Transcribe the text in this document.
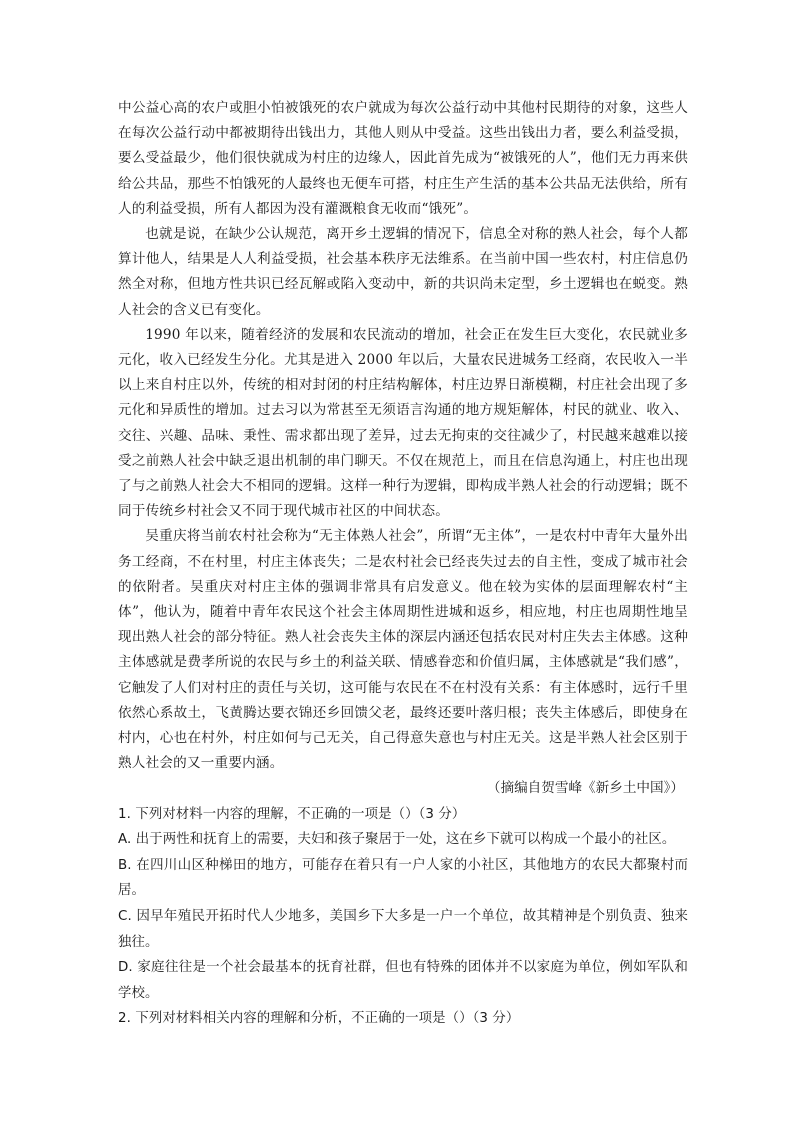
中公益心高的农户或胆小怕被饿死的农户就成为每次公益行动中其他村民期待的对象，这些人在每次公益行动中都被期待出钱出力，其他人则从中受益。这些出钱出力者，要么利益受损，要么受益最少，他们很快就成为村庄的边缘人，因此首先成为“被饿死的人”，他们无力再来供给公共品，那些不怕饿死的人最终也无便车可搭，村庄生产生活的基本公共品无法供给，所有人的利益受损，所有人都因为没有灌溉粮食无收而“饿死”。

也就是说，在缺少公认规范，离开乡土逻辑的情况下，信息全对称的熟人社会，每个人都算计他人，结果是人人利益受损，社会基本秩序无法维系。在当前中国一些农村，村庄信息仍然全对称，但地方性共识已经瓦解或陷入变动中，新的共识尚未定型，乡土逻辑也在蜕变。熟人社会的含义已有变化。

1990 年以来，随着经济的发展和农民流动的增加，社会正在发生巨大变化，农民就业多元化，收入已经发生分化。尤其是进入 2000 年以后，大量农民进城务工经商，农民收入一半以上来自村庄以外，传统的相对封闭的村庄结构解体，村庄边界日渐模糊，村庄社会出现了多元化和异质性的增加。过去习以为常甚至无须语言沟通的地方规矩解体，村民的就业、收入、交往、兴趣、品味、秉性、需求都出现了差异，过去无拘束的交往减少了，村民越来越难以接受之前熟人社会中缺乏退出机制的串门聊天。不仅在规范上，而且在信息沟通上，村庄也出现了与之前熟人社会大不相同的逻辑。这样一种行为逻辑，即构成半熟人社会的行动逻辑；既不同于传统乡村社会又不同于现代城市社区的中间状态。

吴重庆将当前农村社会称为“无主体熟人社会”，所谓“无主体”，一是农村中青年大量外出务工经商，不在村里，村庄主体丧失；二是农村社会已经丧失过去的自主性，变成了城市社会的依附者。吴重庆对村庄主体的强调非常具有启发意义。他在较为实体的层面理解农村“主体”，他认为，随着中青年农民这个社会主体周期性进城和返乡，相应地，村庄也周期性地呈现出熟人社会的部分特征。熟人社会丧失主体的深层内涵还包括农民对村庄失去主体感。这种主体感就是费孝所说的农民与乡土的利益关联、情感眷恋和价值归属，主体感就是“我们感”，它触发了人们对村庄的责任与关切，这可能与农民在不在村没有关系：有主体感时，远行千里依然心系故土，飞黄腾达要衣锦还乡回馈父老，最终还要叶落归根；丧失主体感后，即使身在村内，心也在村外，村庄如何与己无关，自己得意失意也与村庄无关。这是半熟人社会区别于熟人社会的又一重要内涵。

（摘编自贺雪峰《新乡土中国》）

1. 下列对材料一内容的理解，不正确的一项是（）（3 分）

A. 出于两性和抚育上的需要，夫妇和孩子聚居于一处，这在乡下就可以构成一个最小的社区。

B. 在四川山区种梯田的地方，可能存在着只有一户人家的小社区，其他地方的农民大都聚村而居。

C. 因早年殖民开拓时代人少地多，美国乡下大多是一户一个单位，故其精神是个别负责、独来独往。

D. 家庭往往是一个社会最基本的抚育社群，但也有特殊的团体并不以家庭为单位，例如军队和学校。

2. 下列对材料相关内容的理解和分析，不正确的一项是（）（3 分）
